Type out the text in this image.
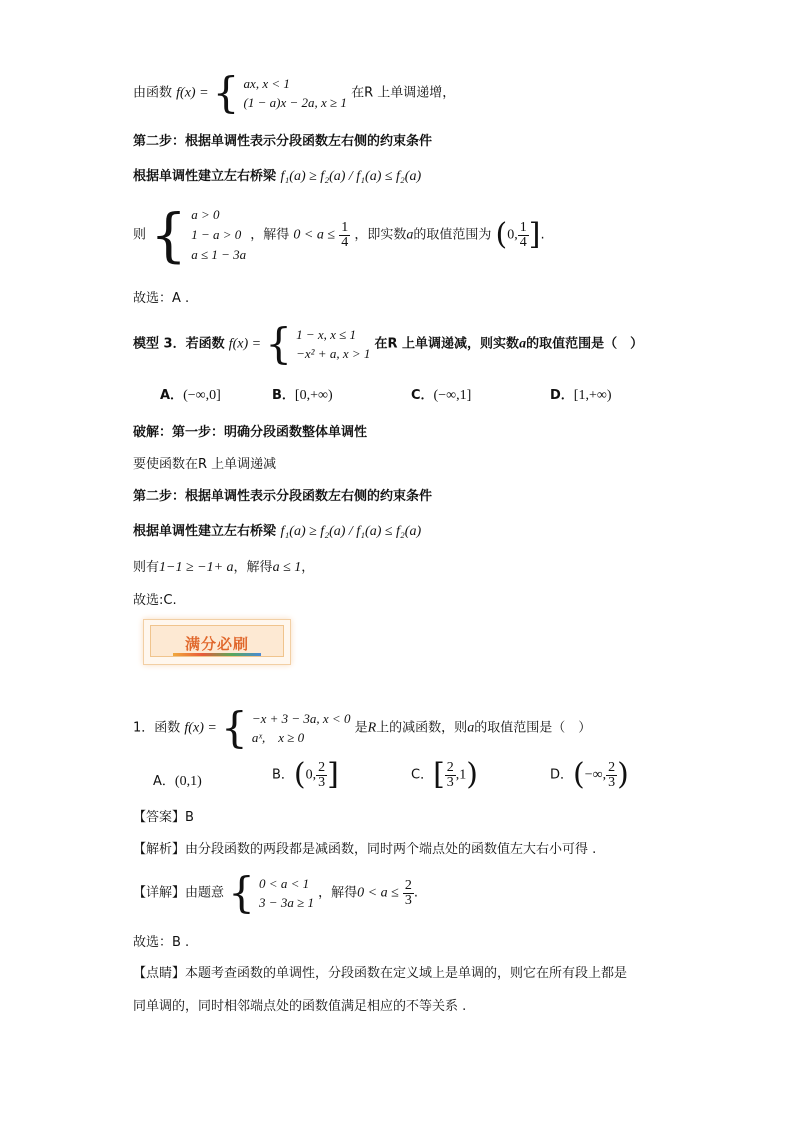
由函数 f(x) = { ax, x < 1
(1 − a)x − 2a, x ≥ 1
在R 上单调递增，
第二步：根据单调性表示分段函数左右侧的约束条件
根据单调性建立左右桥梁 f₁(a) ≥ f₂(a) / f₁(a) ≤ f₂(a)
则 { a > 0
1 − a > 0
a ≤ 1 − 3a
，解得 $0 < a \le \frac{1}{4}$ ，即实数a的取值范围为 (0, $\frac{1}{4}$ ].
故选：A .
模型 3．若函数 f(x) = { 1 − x, x ≤ 1
−x² + a, x > 1
在R 上单调递减，则实数a的取值范围是（　）
A．(−∞,0]	B．[0,+∞)	C．(−∞,1]	D．[1,+∞)
破解：第一步：明确分段函数整体单调性
要使函数在R 上单调递减
第二步：根据单调性表示分段函数左右侧的约束条件
根据单调性建立左右桥梁 f₁(a) ≥ f₂(a) / f₁(a) ≤ f₂(a)
则有1−1 ≥ −1+ a，解得a ≤ 1，
故选:C.
满分必刷
1．函数 f(x) = { −x + 3 − 3a, x < 0
aˣ,　x ≥ 0
是R上的减函数，则a的取值范围是（　）
A．(0,1)	B．(0, $\frac{2}{3}$ ]	C．[ $\frac{2}{3} ,1$)	D．(−∞, $\frac{2}{3}$ )
【答案】B
【解析】由分段函数的两段都是减函数，同时两个端点处的函数值左大右小可得 .
【详解】由题意 { 0 < a < 1
3 − 3a ≥ 1
，解得$0 < a \le \frac{2}{3}$ .
故选：B .
【点睛】本题考查函数的单调性，分段函数在定义域上是单调的，则它在所有段上都是
同单调的，同时相邻端点处的函数值满足相应的不等关系 .
